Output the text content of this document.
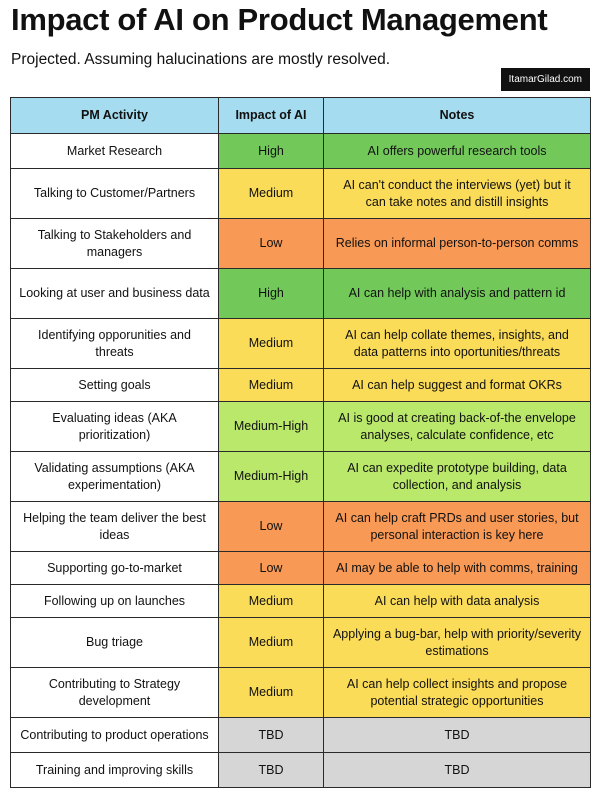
Impact of AI on Product Management
Projected. Assuming halucinations are mostly resolved.
ItamarGilad.com
PM Activity	Impact of AI	Notes
Market Research	High	AI offers powerful research tools
Talking to Customer/Partners	Medium	AI can't conduct the interviews (yet) but it can take notes and distill insights
Talking to Stakeholders and managers	Low	Relies on informal person-to-person comms
Looking at user and business data	High	AI can help with analysis and pattern id
Identifying opporunities and threats	Medium	AI can help collate themes, insights, and data patterns into oportunities/threats
Setting goals	Medium	AI can help suggest and format OKRs
Evaluating ideas (AKA prioritization)	Medium-High	AI is good at creating back-of-the envelope analyses, calculate confidence, etc
Validating assumptions (AKA experimentation)	Medium-High	AI can expedite prototype building, data collection, and analysis
Helping the team deliver the best ideas	Low	AI can help craft PRDs and user stories, but personal interaction is key here
Supporting go-to-market	Low	AI may be able to help with comms, training
Following up on launches	Medium	AI can help with data analysis
Bug triage	Medium	Applying a bug-bar, help with priority/severity estimations
Contributing to Strategy development	Medium	AI can help collect insights and propose potential strategic opportunities
Contributing to product operations	TBD	TBD
Training and improving skills	TBD	TBD
